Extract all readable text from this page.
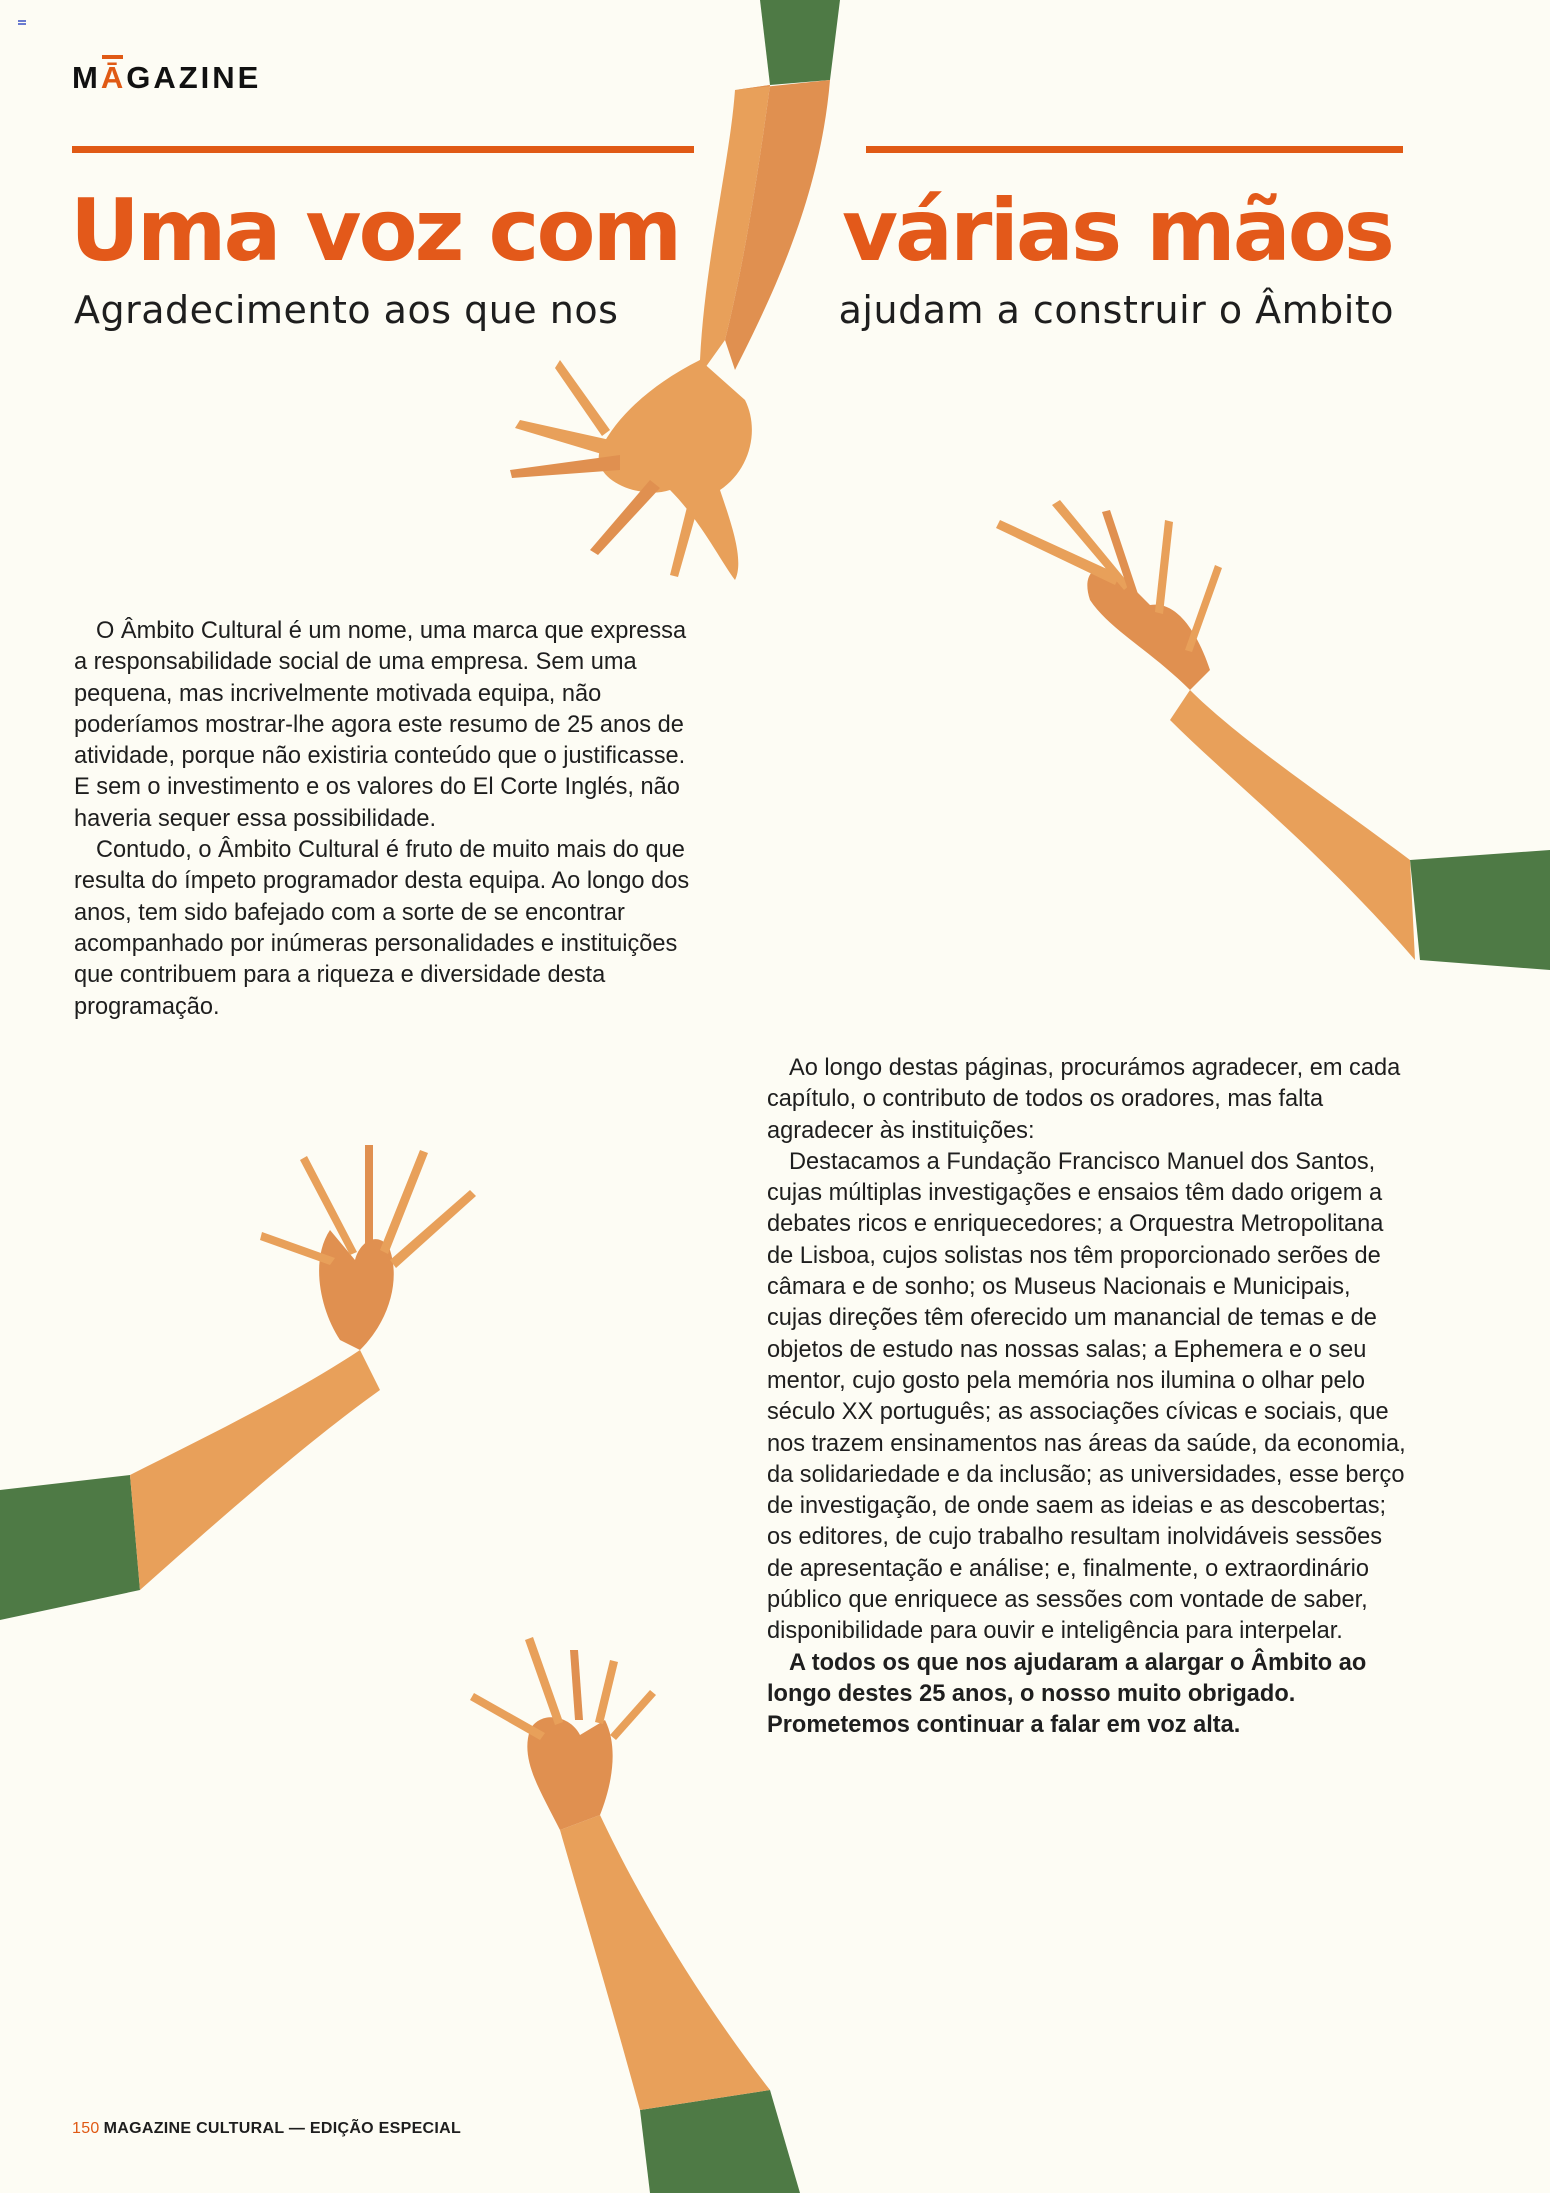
MĀGAZINE
Uma voz com várias mãos
Agradecimento aos que nos	ajudam a construir o Âmbito

O Âmbito Cultural é um nome, uma marca que expressa a responsabilidade social de uma empresa. Sem uma pequena, mas incrivelmente motivada equipa, não poderíamos mostrar-lhe agora este resumo de 25 anos de atividade, porque não existiria conteúdo que o justificasse. E sem o investimento e os valores do El Corte Inglés, não haveria sequer essa possibilidade.

Contudo, o Âmbito Cultural é fruto de muito mais do que resulta do ímpeto programador desta equipa. Ao longo dos anos, tem sido bafejado com a sorte de se encontrar acompanhado por inúmeras personalidades e instituições que contribuem para a riqueza e diversidade desta programação.

Ao longo destas páginas, procurámos agradecer, em cada capítulo, o contributo de todos os oradores, mas falta agradecer às instituições:

Destacamos a Fundação Francisco Manuel dos Santos, cujas múltiplas investigações e ensaios têm dado origem a debates ricos e enriquecedores; a Orquestra Metropolitana de Lisboa, cujos solistas nos têm proporcionado serões de câmara e de sonho; os Museus Nacionais e Municipais, cujas direções têm oferecido um manancial de temas e de objetos de estudo nas nossas salas; a Ephemera e o seu mentor, cujo gosto pela memória nos ilumina o olhar pelo século XX português; as associações cívicas e sociais, que nos trazem ensinamentos nas áreas da saúde, da economia, da solidariedade e da inclusão; as universidades, esse berço de investigação, de onde saem as ideias e as descobertas; os editores, de cujo trabalho resultam inolvidáveis sessões de apresentação e análise; e, finalmente, o extraordinário público que enriquece as sessões com vontade de saber, disponibilidade para ouvir e inteligência para interpelar.

A todos os que nos ajudaram a alargar o Âmbito ao longo destes 25 anos, o nosso muito obrigado. Prometemos continuar a falar em voz alta.

150 MAGAZINE CULTURAL — EDIÇÃO ESPECIAL
